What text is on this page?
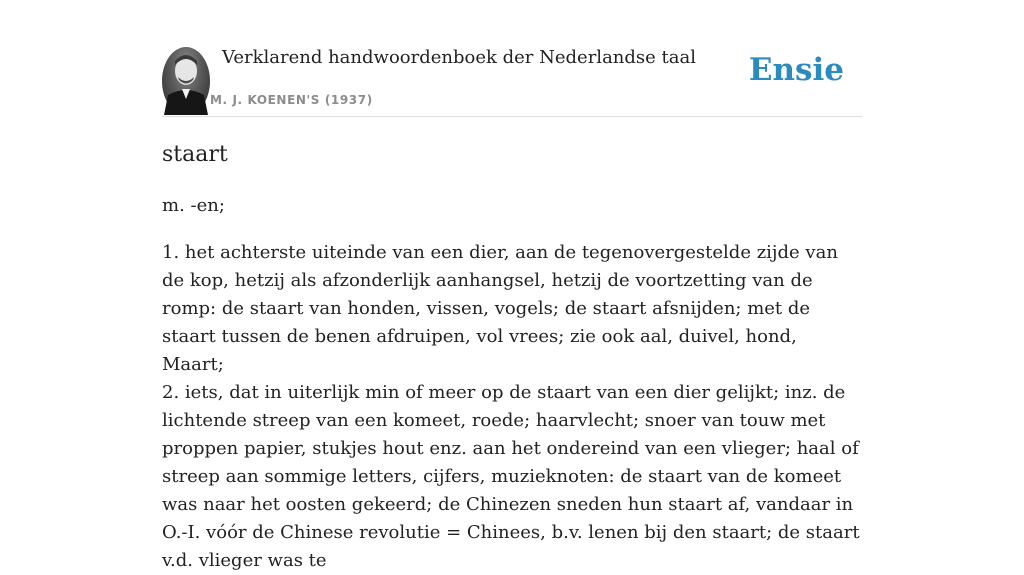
Verklarend handwoordenboek der Nederlandse taal
M. J. KOENEN'S (1937)
Ensie
staart

m. -en;

1. het achterste uiteinde van een dier, aan de tegenovergestelde zijde van de kop, hetzij als afzonderlijk aanhangsel, hetzij de voortzetting van de romp: de staart van honden, vissen, vogels; de staart afsnijden; met de staart tussen de benen afdruipen, vol vrees; zie ook aal, duivel, hond, Maart;

2. iets, dat in uiterlijk min of meer op de staart van een dier gelijkt; inz. de lichtende streep van een komeet, roede; haarvlecht; snoer van touw met proppen papier, stukjes hout enz. aan het ondereind van een vlieger; haal of streep aan sommige letters, cijfers, muzieknoten: de staart van de komeet was naar het oosten gekeerd; de Chinezen sneden hun staart af, vandaar in O.-I. vóór de Chinese revolutie = Chinees, b.v. lenen bij den staart; de staart v.d. vlieger was te
